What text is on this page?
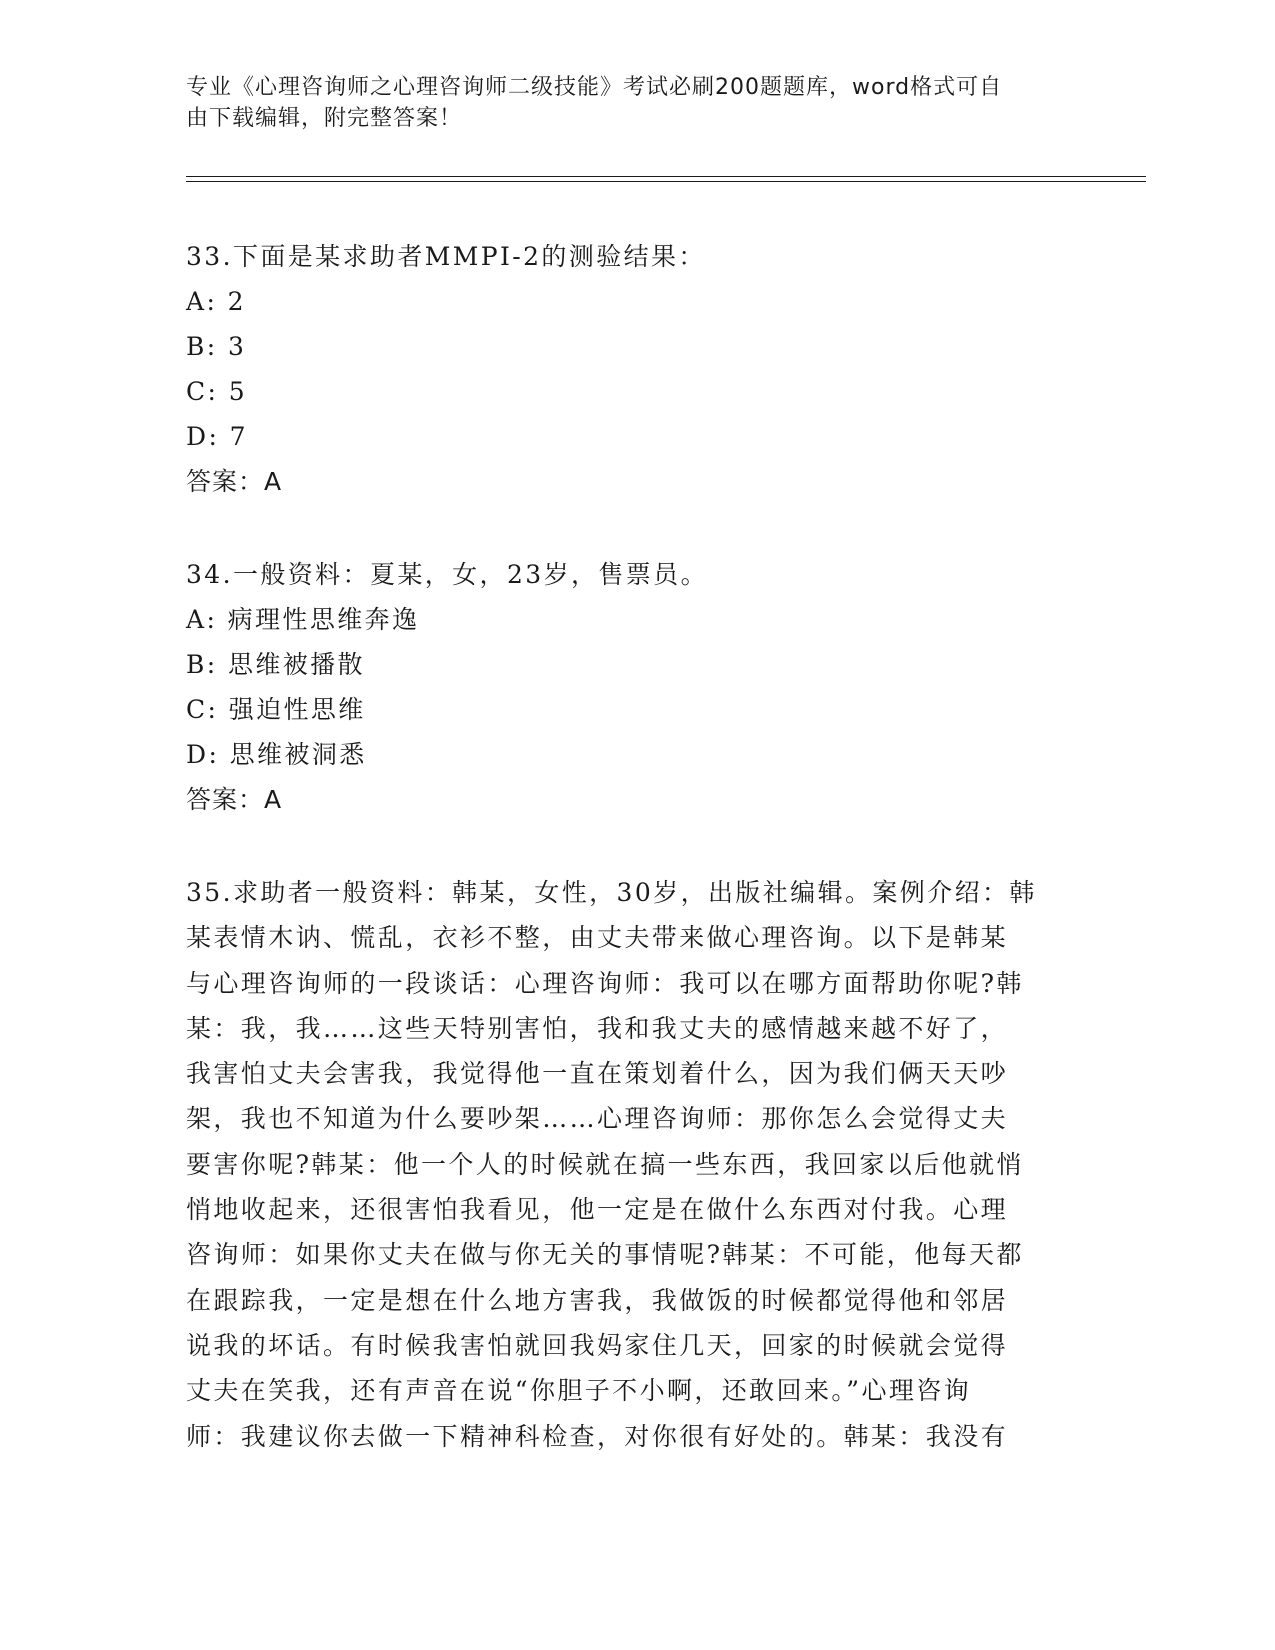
专业《心理咨询师之心理咨询师二级技能》考试必刷200题题库，word格式可自
由下载编辑，附完整答案！
33.下面是某求助者MMPI-2的测验结果：
A: 2
B: 3
C: 5
D: 7
答案：A
34.一般资料：夏某，女，23岁，售票员。
A: 病理性思维奔逸
B: 思维被播散
C: 强迫性思维
D: 思维被洞悉
答案：A
35.求助者一般资料：韩某，女性，30岁，出版社编辑。案例介绍：韩
某表情木讷、慌乱，衣衫不整，由丈夫带来做心理咨询。以下是韩某
与心理咨询师的一段谈话：心理咨询师：我可以在哪方面帮助你呢?韩
某：我，我……这些天特别害怕，我和我丈夫的感情越来越不好了，
我害怕丈夫会害我，我觉得他一直在策划着什么，因为我们俩天天吵
架，我也不知道为什么要吵架……心理咨询师：那你怎么会觉得丈夫
要害你呢?韩某：他一个人的时候就在搞一些东西，我回家以后他就悄
悄地收起来，还很害怕我看见，他一定是在做什么东西对付我。心理
咨询师：如果你丈夫在做与你无关的事情呢?韩某：不可能，他每天都
在跟踪我，一定是想在什么地方害我，我做饭的时候都觉得他和邻居
说我的坏话。有时候我害怕就回我妈家住几天，回家的时候就会觉得
丈夫在笑我，还有声音在说“你胆子不小啊，还敢回来。”心理咨询
师：我建议你去做一下精神科检查，对你很有好处的。韩某：我没有
